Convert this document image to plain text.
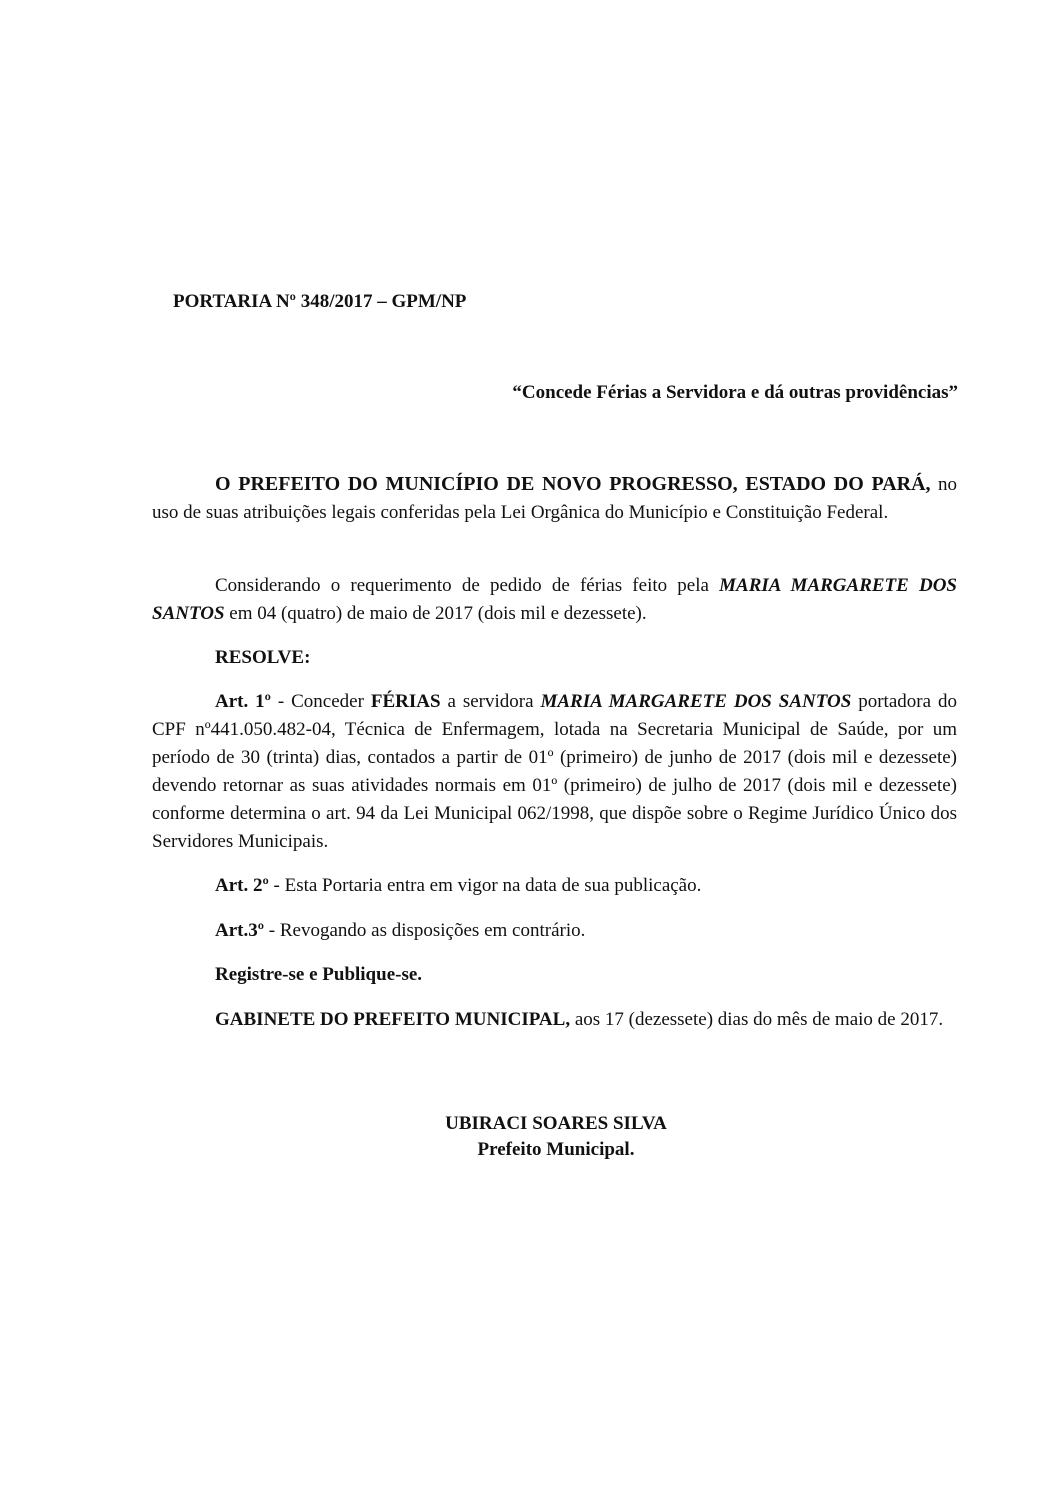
PORTARIA Nº 348/2017 – GPM/NP
“Concede Férias a Servidora e dá outras providências”
O PREFEITO DO MUNICÍPIO DE NOVO PROGRESSO, ESTADO DO PARÁ, no uso de suas atribuições legais conferidas pela Lei Orgânica do Município e Constituição Federal.
Considerando o requerimento de pedido de férias feito pela MARIA MARGARETE DOS SANTOS em 04 (quatro) de maio de 2017 (dois mil e dezessete).
RESOLVE:
Art. 1º - Conceder FÉRIAS a servidora MARIA MARGARETE DOS SANTOS portadora do CPF nº441.050.482-04, Técnica de Enfermagem, lotada na Secretaria Municipal de Saúde, por um período de 30 (trinta) dias, contados a partir de 01º (primeiro) de junho de 2017 (dois mil e dezessete) devendo retornar as suas atividades normais em 01º (primeiro) de julho de 2017 (dois mil e dezessete) conforme determina o art. 94 da Lei Municipal 062/1998, que dispõe sobre o Regime Jurídico Único dos Servidores Municipais.
Art. 2º - Esta Portaria entra em vigor na data de sua publicação.
Art.3º - Revogando as disposições em contrário.
Registre-se e Publique-se.
GABINETE DO PREFEITO MUNICIPAL, aos 17 (dezessete) dias do mês de maio de 2017.
UBIRACI SOARES SILVA
Prefeito Municipal.
